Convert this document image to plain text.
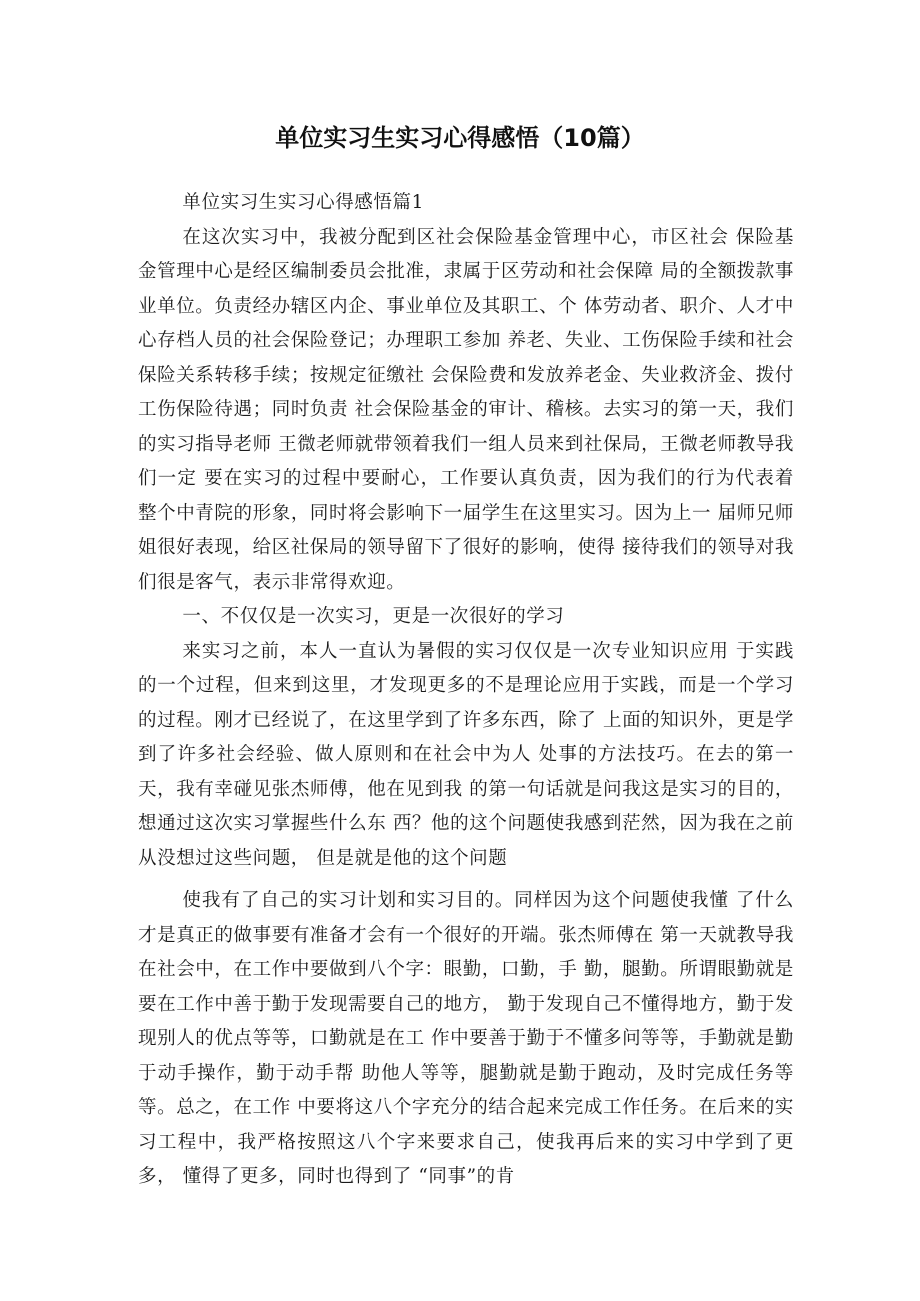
单位实习生实习心得感悟（10篇）

单位实习生实习心得感悟篇1

在这次实习中，我被分配到区社会保险基金管理中心，市区社会 保险基金管理中心是经区编制委员会批准，隶属于区劳动和社会保障 局的全额拨款事业单位。负责经办辖区内企、事业单位及其职工、个 体劳动者、职介、人才中心存档人员的社会保险登记；办理职工参加 养老、失业、工伤保险手续和社会保险关系转移手续；按规定征缴社 会保险费和发放养老金、失业救济金、拨付工伤保险待遇；同时负责 社会保险基金的审计、稽核。去实习的第一天，我们的实习指导老师 王微老师就带领着我们一组人员来到社保局，王微老师教导我们一定 要在实习的过程中要耐心，工作要认真负责，因为我们的行为代表着 整个中青院的形象，同时将会影响下一届学生在这里实习。因为上一 届师兄师姐很好表现，给区社保局的领导留下了很好的影响，使得 接待我们的领导对我们很是客气，表示非常得欢迎。

一、不仅仅是一次实习，更是一次很好的学习

来实习之前，本人一直认为暑假的实习仅仅是一次专业知识应用 于实践的一个过程，但来到这里，才发现更多的不是理论应用于实践，而是一个学习的过程。刚才已经说了，在这里学到了许多东西，除了 上面的知识外，更是学到了许多社会经验、做人原则和在社会中为人 处事的方法技巧。在去的第一天，我有幸碰见张杰师傅，他在见到我 的第一句话就是问我这是实习的目的，想通过这次实习掌握些什么东 西？他的这个问题使我感到茫然，因为我在之前从没想过这些问题， 但是就是他的这个问题

使我有了自己的实习计划和实习目的。同样因为这个问题使我懂 了什么才是真正的做事要有准备才会有一个很好的开端。张杰师傅在 第一天就教导我在社会中，在工作中要做到八个字：眼勤，口勤，手 勤，腿勤。所谓眼勤就是要在工作中善于勤于发现需要自己的地方， 勤于发现自己不懂得地方，勤于发现别人的优点等等，口勤就是在工 作中要善于勤于不懂多问等等，手勤就是勤于动手操作，勤于动手帮 助他人等等，腿勤就是勤于跑动，及时完成任务等等。总之，在工作 中要将这八个字充分的结合起来完成工作任务。在后来的实习工程中，我严格按照这八个字来要求自己，使我再后来的实习中学到了更多， 懂得了更多，同时也得到了 “同事”的肯
